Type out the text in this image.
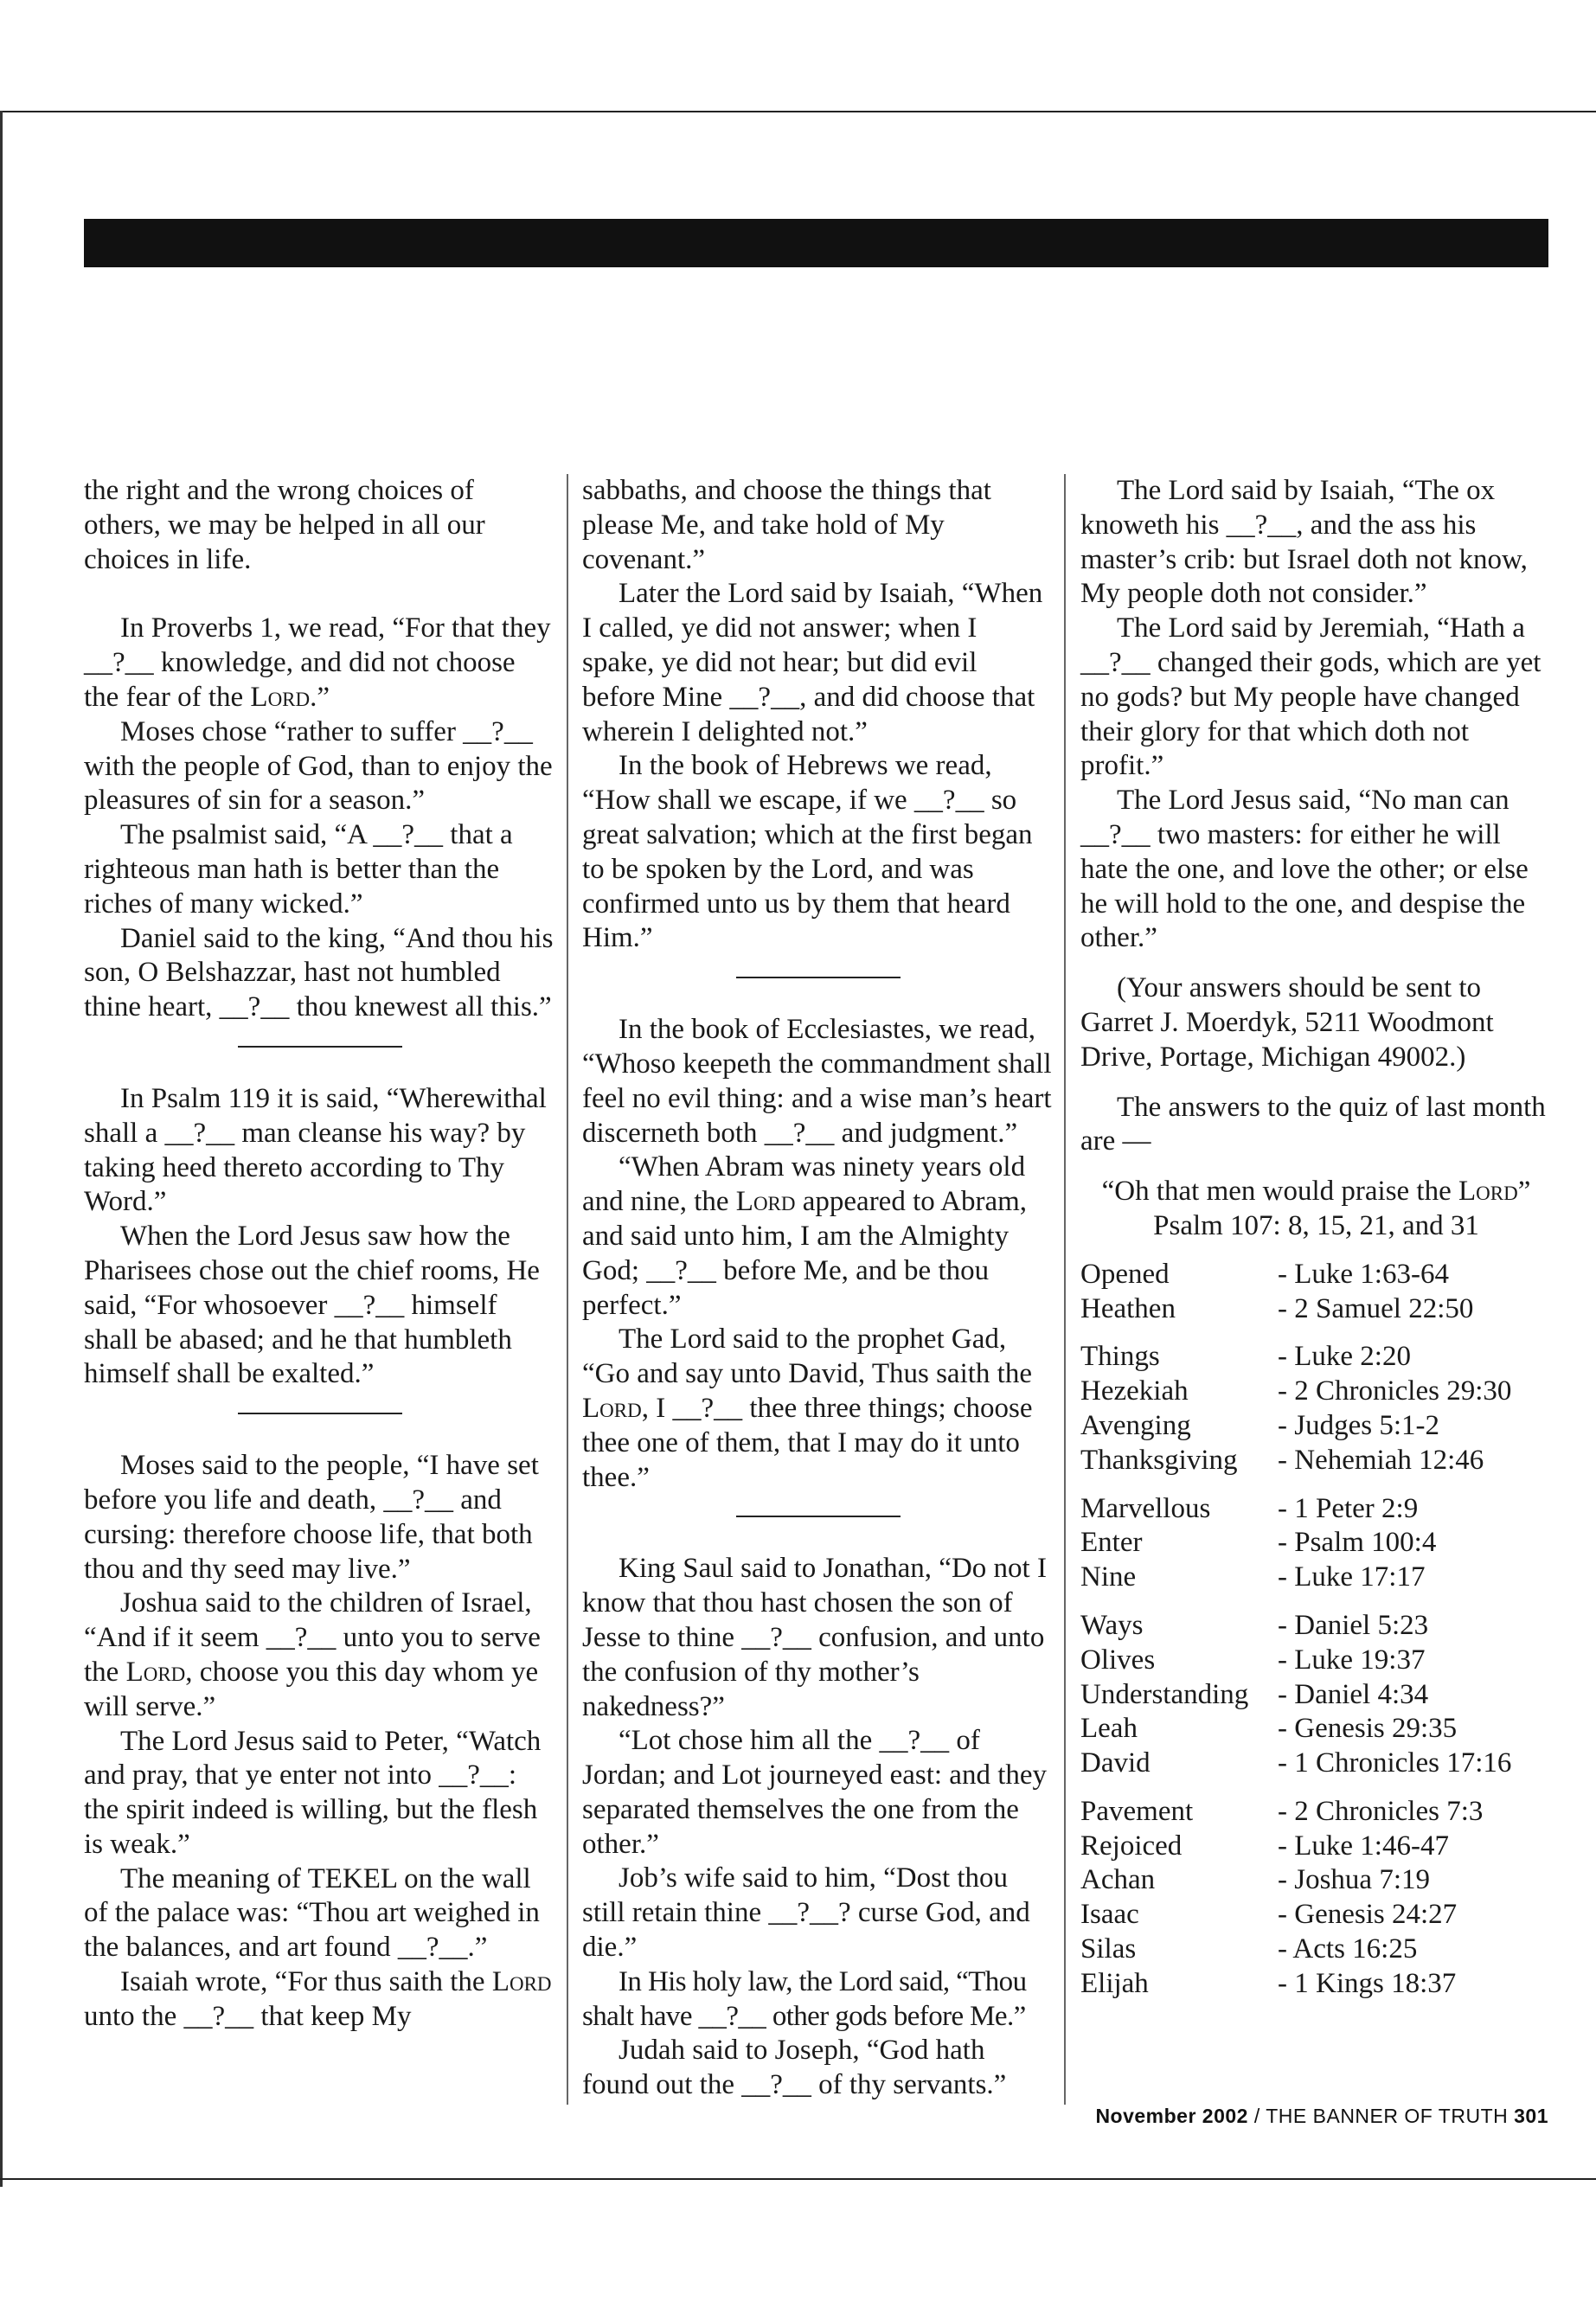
the right and the wrong choices of others, we may be helped in all our choices in life.

In Proverbs 1, we read, “For that they __?__ knowledge, and did not choose the fear of the Lord.”

Moses chose “rather to suffer __?__ with the people of God, than to enjoy the pleasures of sin for a season.”

The psalmist said, “A __?__ that a righteous man hath is better than the riches of many wicked.”

Daniel said to the king, “And thou his son, O Belshazzar, hast not humbled thine heart, __?__ thou knewest all this.”

In Psalm 119 it is said, “Wherewithal shall a __?__ man cleanse his way? by taking heed thereto according to Thy Word.”

When the Lord Jesus saw how the Pharisees chose out the chief rooms, He said, “For whosoever __?__ himself shall be abased; and he that humbleth himself shall be exalted.”

Moses said to the people, “I have set before you life and death, __?__ and cursing: therefore choose life, that both thou and thy seed may live.”

Joshua said to the children of Israel, “And if it seem __?__ unto you to serve the Lord, choose you this day whom ye will serve.”

The Lord Jesus said to Peter, “Watch and pray, that ye enter not into __?__: the spirit indeed is willing, but the flesh is weak.”

The meaning of TEKEL on the wall of the palace was: “Thou art weighed in the balances, and art found __?__.”

Isaiah wrote, “For thus saith the Lord unto the __?__ that keep My

sabbaths, and choose the things that please Me, and take hold of My covenant.”

Later the Lord said by Isaiah, “When I called, ye did not answer; when I spake, ye did not hear; but did evil before Mine __?__, and did choose that wherein I delighted not.”

In the book of Hebrews we read, “How shall we escape, if we __?__ so great salvation; which at the first began to be spoken by the Lord, and was confirmed unto us by them that heard Him.”

In the book of Ecclesiastes, we read, “Whoso keepeth the commandment shall feel no evil thing: and a wise man’s heart discerneth both __?__ and judgment.”

“When Abram was ninety years old and nine, the Lord appeared to Abram, and said unto him, I am the Almighty God; __?__ before Me, and be thou perfect.”

The Lord said to the prophet Gad, “Go and say unto David, Thus saith the Lord, I __?__ thee three things; choose thee one of them, that I may do it unto thee.”

King Saul said to Jonathan, “Do not I know that thou hast chosen the son of Jesse to thine __?__ confusion, and unto the confusion of thy mother’s nakedness?”

“Lot chose him all the __?__ of Jordan; and Lot journeyed east: and they separated themselves the one from the other.”

Job’s wife said to him, “Dost thou still retain thine __?__? curse God, and die.”

In His holy law, the Lord said, “Thou shalt have __?__ other gods before Me.”

Judah said to Joseph, “God hath found out the __?__ of thy servants.”

The Lord said by Isaiah, “The ox knoweth his __?__, and the ass his master’s crib: but Israel doth not know, My people doth not consider.”

The Lord said by Jeremiah, “Hath a __?__ changed their gods, which are yet no gods? but My people have changed their glory for that which doth not profit.”

The Lord Jesus said, “No man can __?__ two masters: for either he will hate the one, and love the other; or else he will hold to the one, and despise the other.”

(Your answers should be sent to Garret J. Moerdyk, 5211 Woodmont Drive, Portage, Michigan 49002.)

The answers to the quiz of last month are —

“Oh that men would praise the Lord”

Psalm 107: 8, 15, 21, and 31

Opened	- Luke 1:63-64
Heathen	- 2 Samuel 22:50
Things	- Luke 2:20
Hezekiah	- 2 Chronicles 29:30
Avenging	- Judges 5:1-2
Thanksgiving	- Nehemiah 12:46
Marvellous	- 1 Peter 2:9
Enter	- Psalm 100:4
Nine	- Luke 17:17
Ways	- Daniel 5:23
Olives	- Luke 19:37
Understanding	- Daniel 4:34
Leah	- Genesis 29:35
David	- 1 Chronicles 17:16
Pavement	- 2 Chronicles 7:3
Rejoiced	- Luke 1:46-47
Achan	- Joshua 7:19
Isaac	- Genesis 24:27
Silas	- Acts 16:25
Elijah	- 1 Kings 18:37
November 2002 / THE BANNER OF TRUTH 301
